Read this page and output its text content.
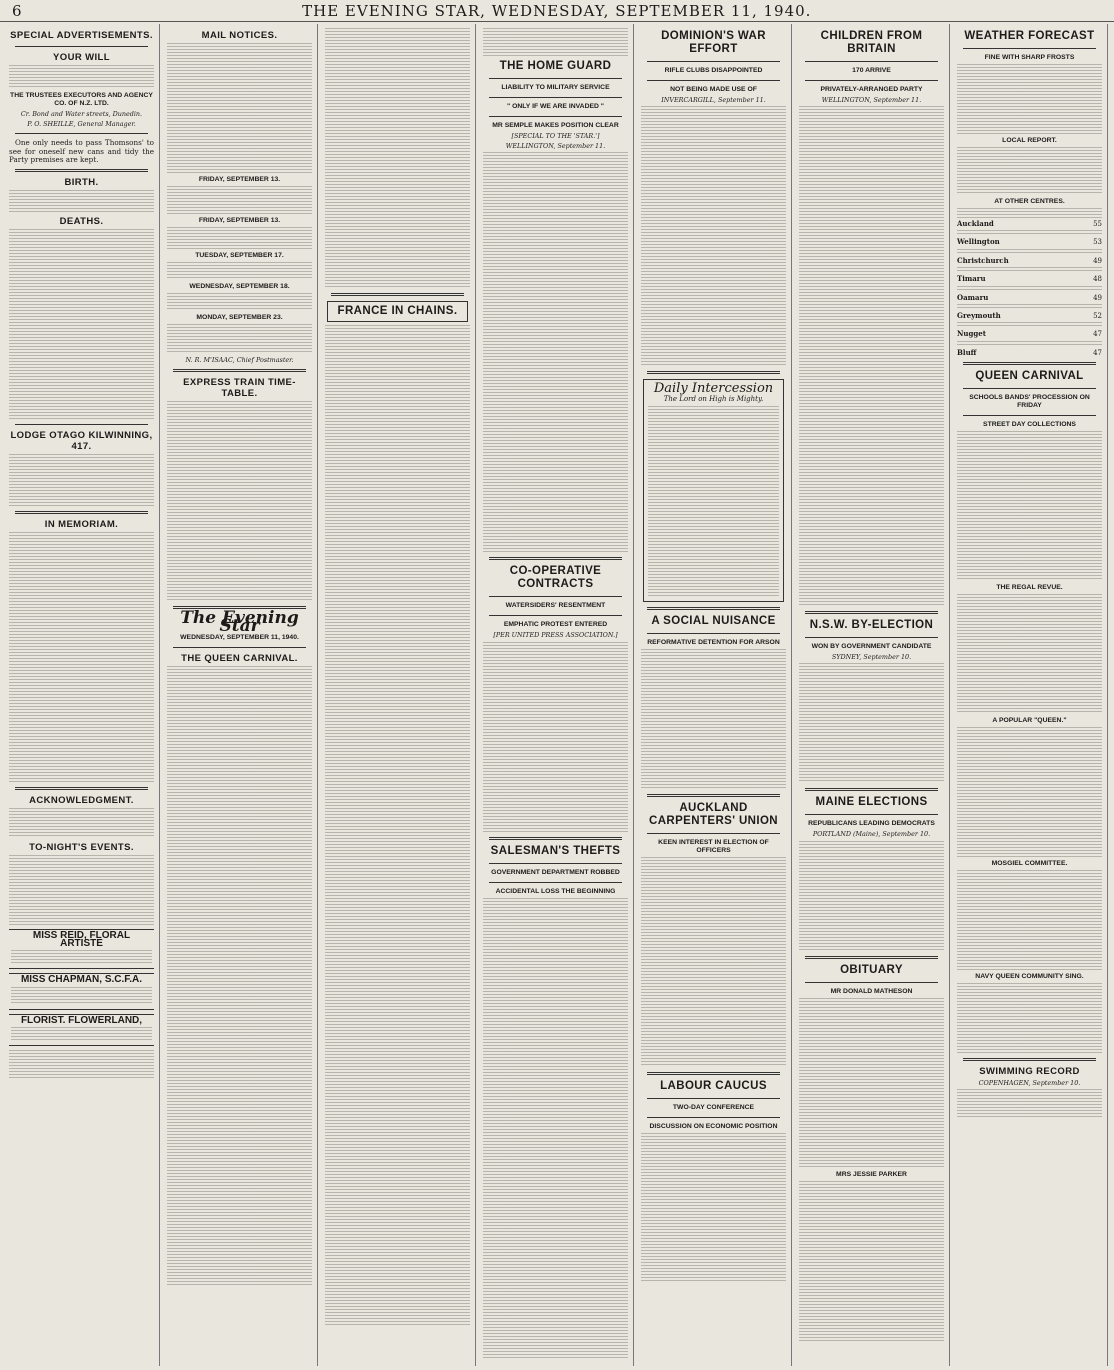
6	THE EVENING STAR, WEDNESDAY, SEPTEMBER 11, 1940.
SPECIAL ADVERTISEMENTS.
YOUR WILL
THE TRUSTEES EXECUTORS AND AGENCY CO. OF N.Z. LTD.
Cr. Bond and Water streets, Dunedin.
P. O. SHEILLE, General Manager.

One only needs to pass Thomsons' to see for oneself new cans and tidy the Party premises are kept.

BIRTH.
DEATHS.
LODGE OTAGO KILWINNING, 417.
IN MEMORIAM.
ACKNOWLEDGMENT.
TO-NIGHT'S EVENTS.
MISS REID, FLORAL ARTISTE
MISS CHAPMAN, S.C.F.A.
FLORIST. FLOWERLAND,
MAIL NOTICES.
FRIDAY, SEPTEMBER 13.
FRIDAY, SEPTEMBER 13.
TUESDAY, SEPTEMBER 17.
WEDNESDAY, SEPTEMBER 18.
MONDAY, SEPTEMBER 23.
N. R. M'ISAAC, Chief Postmaster.
EXPRESS TRAIN TIME-TABLE.
The Evening Star
WEDNESDAY, SEPTEMBER 11, 1940.
THE QUEEN CARNIVAL.
FRANCE IN CHAINS.
THE HOME GUARD
LIABILITY TO MILITARY SERVICE
" ONLY IF WE ARE INVADED "
MR SEMPLE MAKES POSITION CLEAR
[SPECIAL TO THE 'STAR.']
WELLINGTON, September 11.
CO-OPERATIVE CONTRACTS
WATERSIDERS' RESENTMENT
EMPHATIC PROTEST ENTERED
[PER UNITED PRESS ASSOCIATION.]
SALESMAN'S THEFTS
GOVERNMENT DEPARTMENT ROBBED
ACCIDENTAL LOSS THE BEGINNING
DOMINION'S WAR EFFORT
RIFLE CLUBS DISAPPOINTED
NOT BEING MADE USE OF
INVERCARGILL, September 11.
Daily Intercession
The Lord on High is Mighty.
A SOCIAL NUISANCE
REFORMATIVE DETENTION FOR ARSON
AUCKLAND CARPENTERS' UNION
KEEN INTEREST IN ELECTION OF OFFICERS
LABOUR CAUCUS
TWO-DAY CONFERENCE
DISCUSSION ON ECONOMIC POSITION
CHILDREN FROM BRITAIN
170 ARRIVE
PRIVATELY-ARRANGED PARTY
WELLINGTON, September 11.
N.S.W. BY-ELECTION
WON BY GOVERNMENT CANDIDATE
SYDNEY, September 10.
MAINE ELECTIONS
REPUBLICANS LEADING DEMOCRATS
PORTLAND (Maine), September 10.
OBITUARY
MR DONALD MATHESON
MRS JESSIE PARKER
WEATHER FORECAST
FINE WITH SHARP FROSTS
LOCAL REPORT.
AT OTHER CENTRES.
Auckland	55
Wellington	53
Christchurch	49
Timaru	48
Oamaru	49
Greymouth	52
Nugget	47
Bluff	47
QUEEN CARNIVAL
SCHOOLS BANDS' PROCESSION ON FRIDAY
STREET DAY COLLECTIONS
THE REGAL REVUE.
A POPULAR "QUEEN."
MOSGIEL COMMITTEE.
NAVY QUEEN COMMUNITY SING.
SWIMMING RECORD
COPENHAGEN, September 10.
